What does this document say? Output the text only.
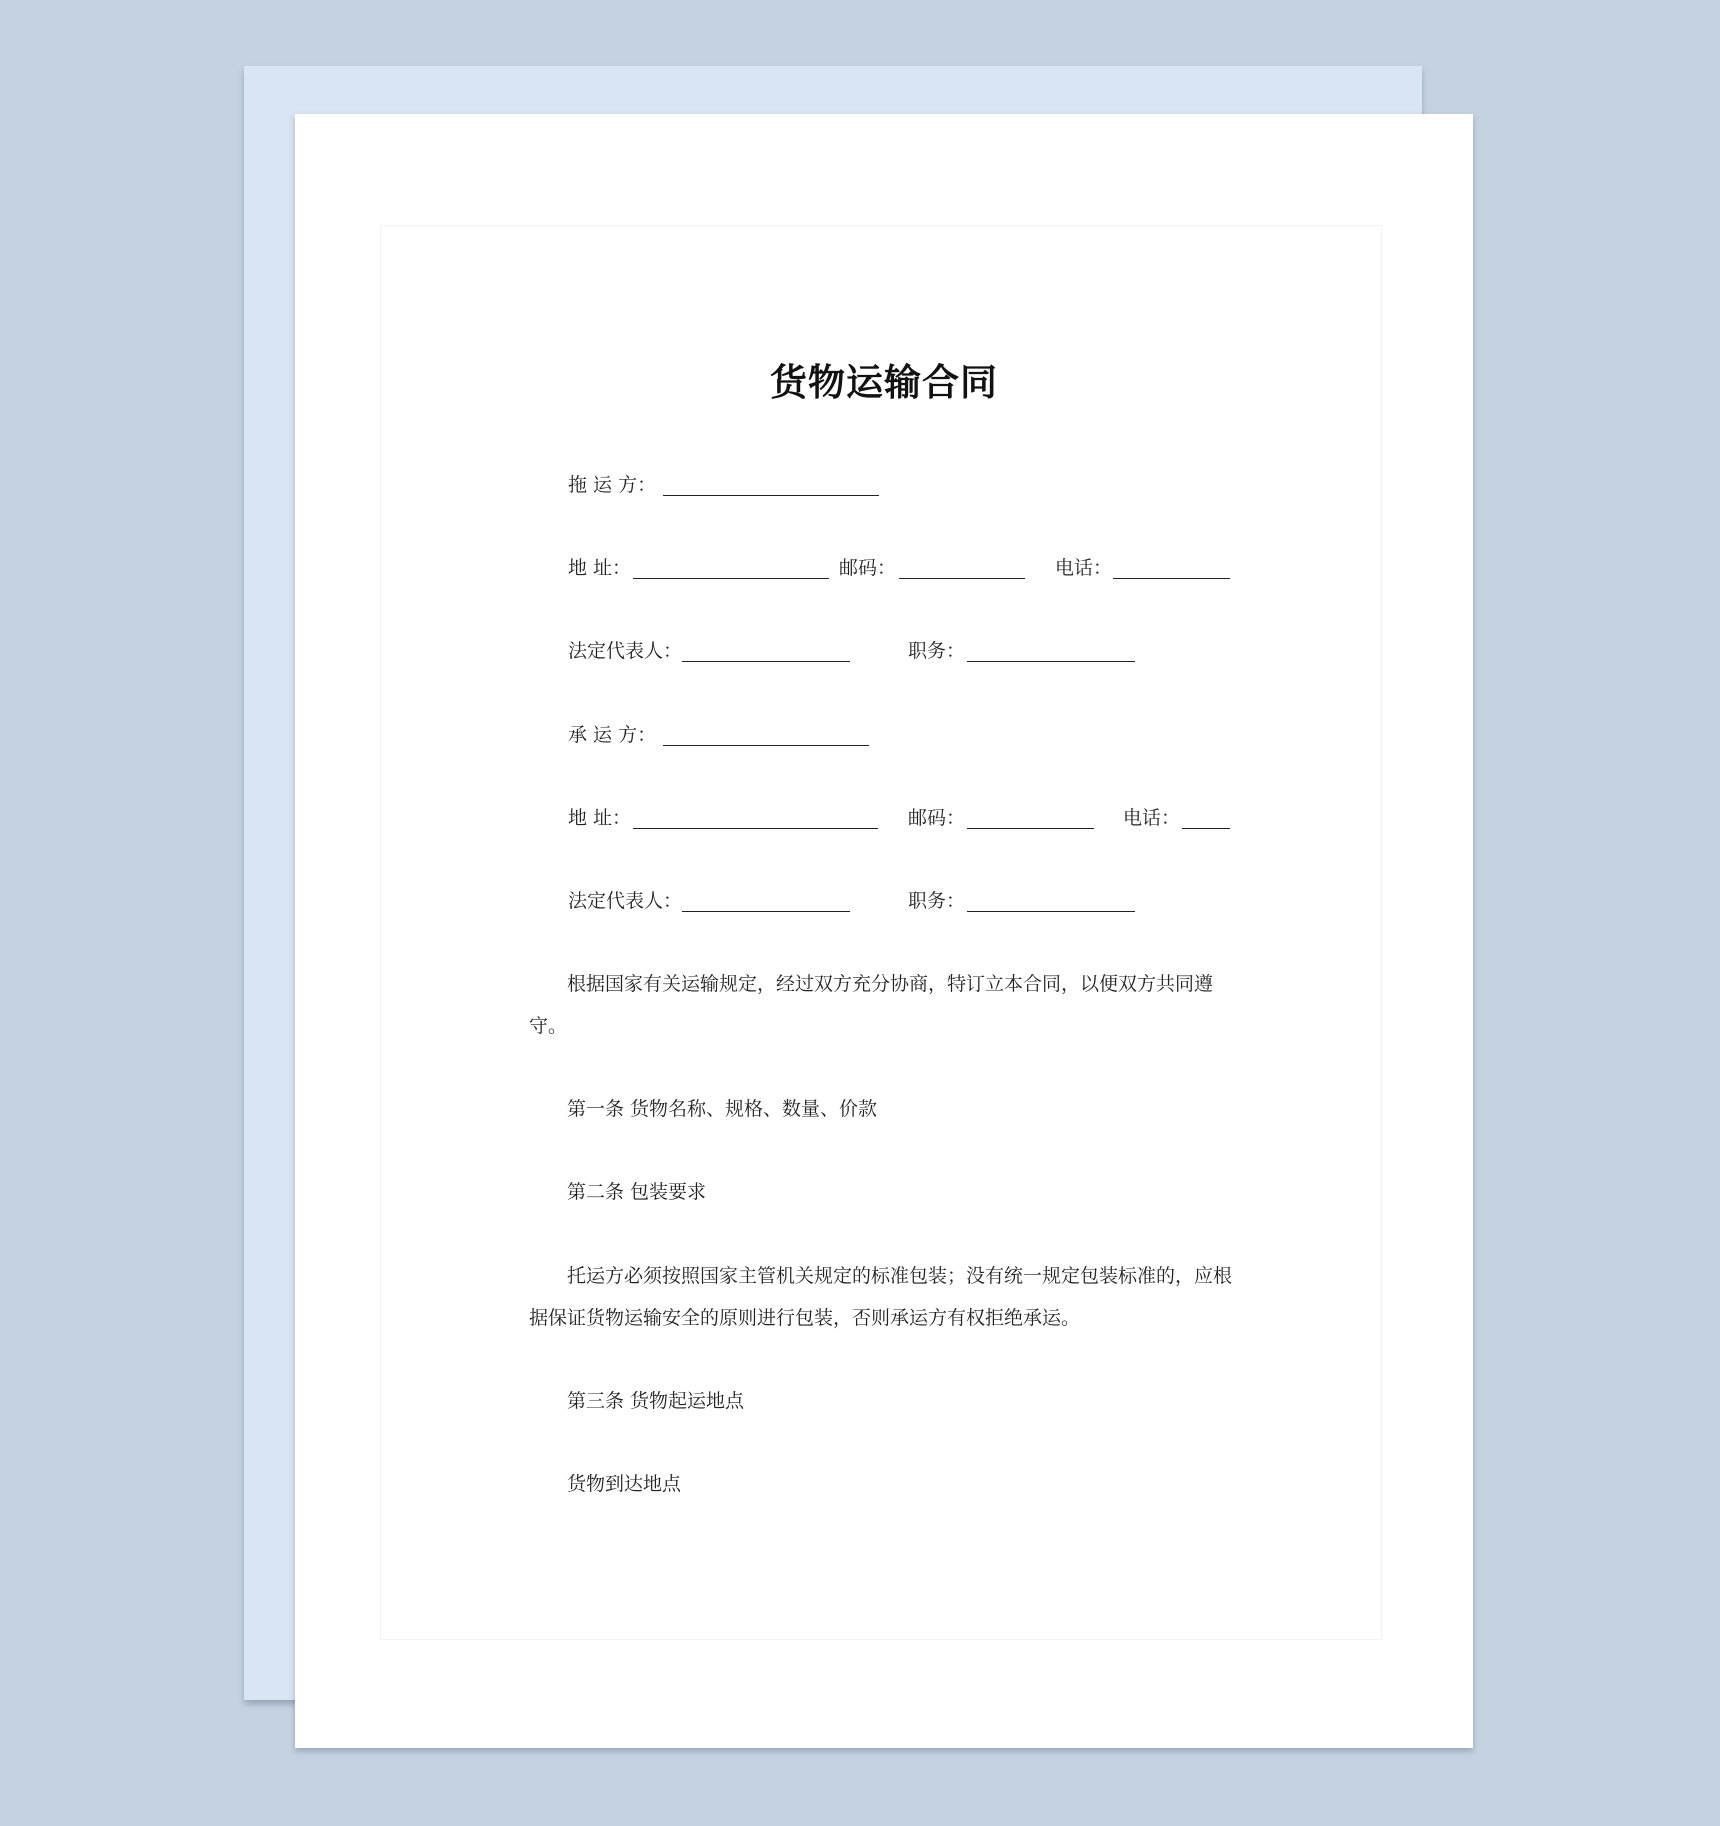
货物运输合同
拖 运 方：
地 址：	邮码：	电话：
法定代表人：	职务：
承 运 方：
地 址：	邮码：	电话：
法定代表人：	职务：
根据国家有关运输规定，经过双方充分协商，特订立本合同，以便双方共同遵守。
第一条 货物名称、规格、数量、价款
第二条 包装要求
托运方必须按照国家主管机关规定的标准包装；没有统一规定包装标准的，应根据保证货物运输安全的原则进行包装，否则承运方有权拒绝承运。
第三条 货物起运地点
货物到达地点
